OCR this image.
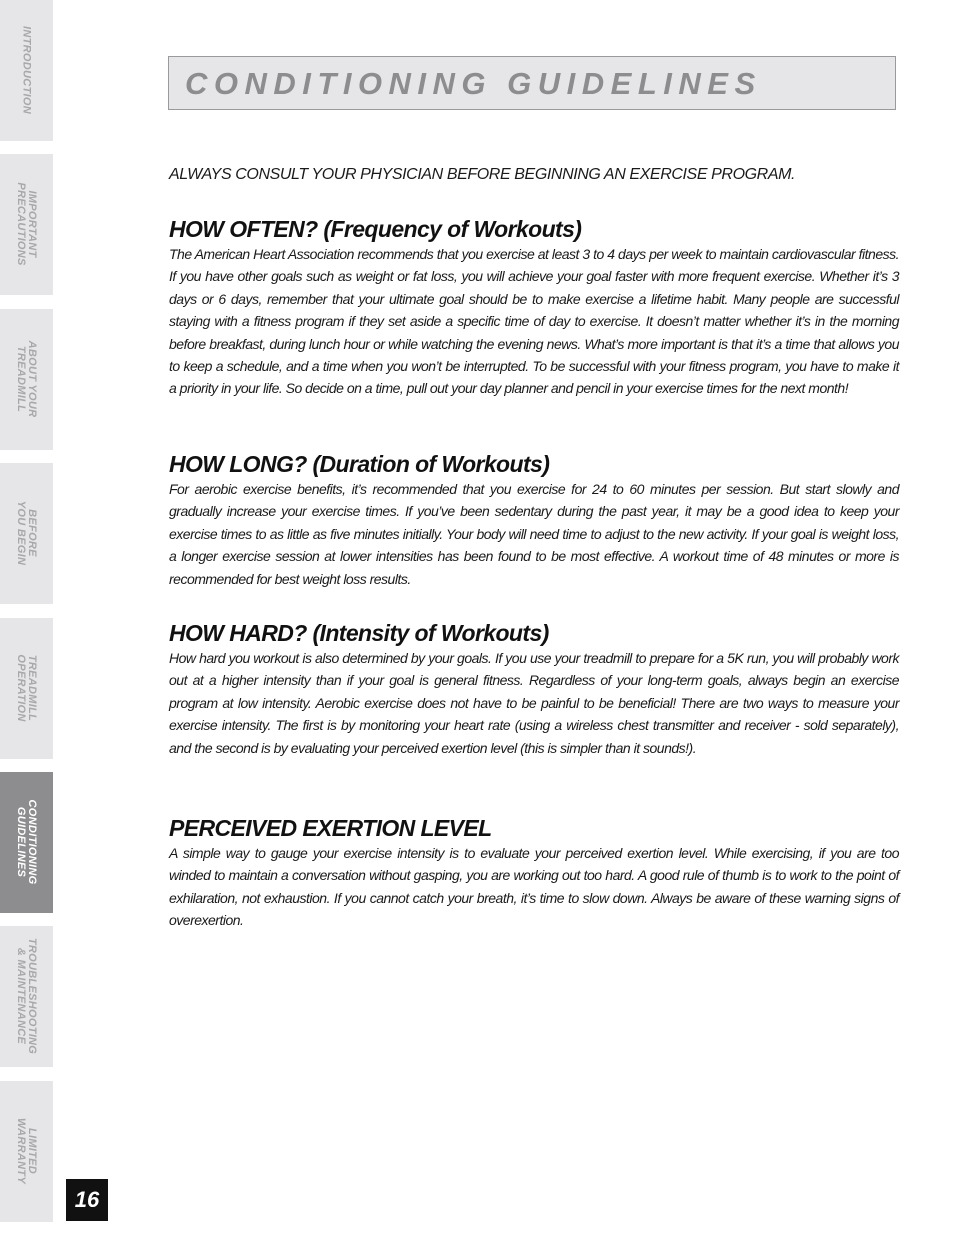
INTRODUCTION
IMPORTANT
PRECAUTIONS
ABOUT YOUR
TREADMILL
BEFORE
YOU BEGIN
TREADMILL
OPERATION
CONDITIONING
GUIDELINES
TROUBLESHOOTING
& MAINTENANCE
LIMITED
WARRANTY
16
CONDITIONING GUIDELINES
ALWAYS CONSULT YOUR PHYSICIAN BEFORE BEGINNING AN EXERCISE PROGRAM.
HOW OFTEN? (Frequency of Workouts)

The American Heart Association recommends that you exercise at least 3 to 4 days per week to maintain cardiovascular fitness. If you have other goals such as weight or fat loss, you will achieve your goal faster with more frequent exercise. Whether it’s 3 days or 6 days, remember that your ultimate goal should be to make exercise a lifetime habit. Many people are successful staying with a fitness program if they set aside a specific time of day to exercise. It doesn’t matter whether it’s in the morning before breakfast, during lunch hour or while watching the evening news. What’s more important is that it’s a time that allows you to keep a schedule, and a time when you won’t be interrupted. To be successful with your fitness program, you have to make it a priority in your life. So decide on a time, pull out your day planner and pencil in your exercise times for the next month!

HOW LONG? (Duration of Workouts)

For aerobic exercise benefits, it’s recommended that you exercise for 24 to 60 minutes per session. But start slowly and gradually increase your exercise times. If you’ve been sedentary during the past year, it may be a good idea to keep your exercise times to as little as five minutes initially. Your body will need time to adjust to the new activity. If your goal is weight loss, a longer exercise session at lower intensities has been found to be most effective. A workout time of 48 minutes or more is recommended for best weight loss results.

HOW HARD? (Intensity of Workouts)

How hard you workout is also determined by your goals. If you use your treadmill to prepare for a 5K run, you will probably work out at a higher intensity than if your goal is general fitness. Regardless of your long-term goals, always begin an exercise program at low intensity. Aerobic exercise does not have to be painful to be beneficial! There are two ways to measure your exercise intensity. The first is by monitoring your heart rate (using a wireless chest transmitter and receiver - sold separately), and the second is by evaluating your perceived exertion level (this is simpler than it sounds!).

PERCEIVED EXERTION LEVEL

A simple way to gauge your exercise intensity is to evaluate your perceived exertion level. While exercising, if you are too winded to maintain a conversation without gasping, you are working out too hard. A good rule of thumb is to work to the point of exhilaration, not exhaustion. If you cannot catch your breath, it’s time to slow down. Always be aware of these warning signs of overexertion.
